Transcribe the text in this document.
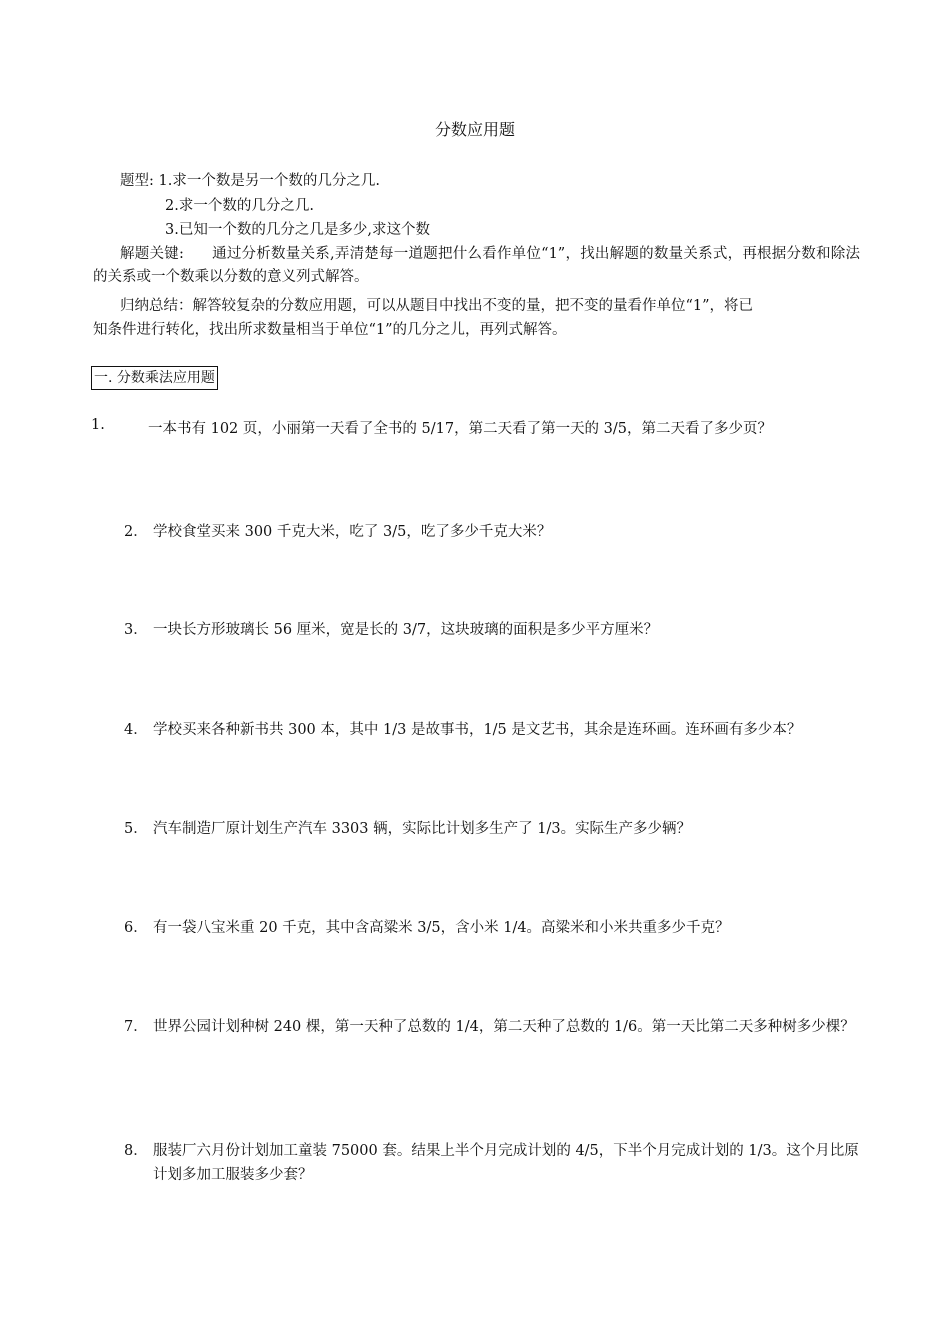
分数应用题
题型: 1.求一个数是另一个数的几分之几.
2.求一个数的几分之几.
3.已知一个数的几分之几是多少,求这个数
解题关键: 通过分析数量关系,弄清楚每一道题把什么看作单位“1”，找出解题的数量关系式，再根据分数和除法的关系或一个数乘以分数的意义列式解答。
归纳总结：解答较复杂的分数应用题，可以从题目中找出不变的量，把不变的量看作单位“1”，将已
知条件进行转化，找出所求数量相当于单位“1”的几分之儿，再列式解答。
一. 分数乘法应用题
1.	一本书有 102 页，小丽第一天看了全书的 5/17，第二天看了第一天的 3/5，第二天看了多少页？
2． 学校食堂买来 300 千克大米，吃了 3/5，吃了多少千克大米？
3． 一块长方形玻璃长 56 厘米，宽是长的 3/7，这块玻璃的面积是多少平方厘米？
4． 学校买来各种新书共 300 本，其中 1/3 是故事书，1/5 是文艺书，其余是连环画。连环画有多少本？
5． 汽车制造厂原计划生产汽车 3303 辆，实际比计划多生产了 1/3。实际生产多少辆？
6． 有一袋八宝米重 20 千克，其中含高粱米 3/5，含小米 1/4。高粱米和小米共重多少千克？
7． 世界公园计划种树 240 棵，第一天种了总数的 1/4，第二天种了总数的 1/6。第一天比第二天多种树多少棵？
8． 服装厂六月份计划加工童装 75000 套。结果上半个月完成计划的 4/5，下半个月完成计划的 1/3。这个月比原计划多加工服装多少套？
